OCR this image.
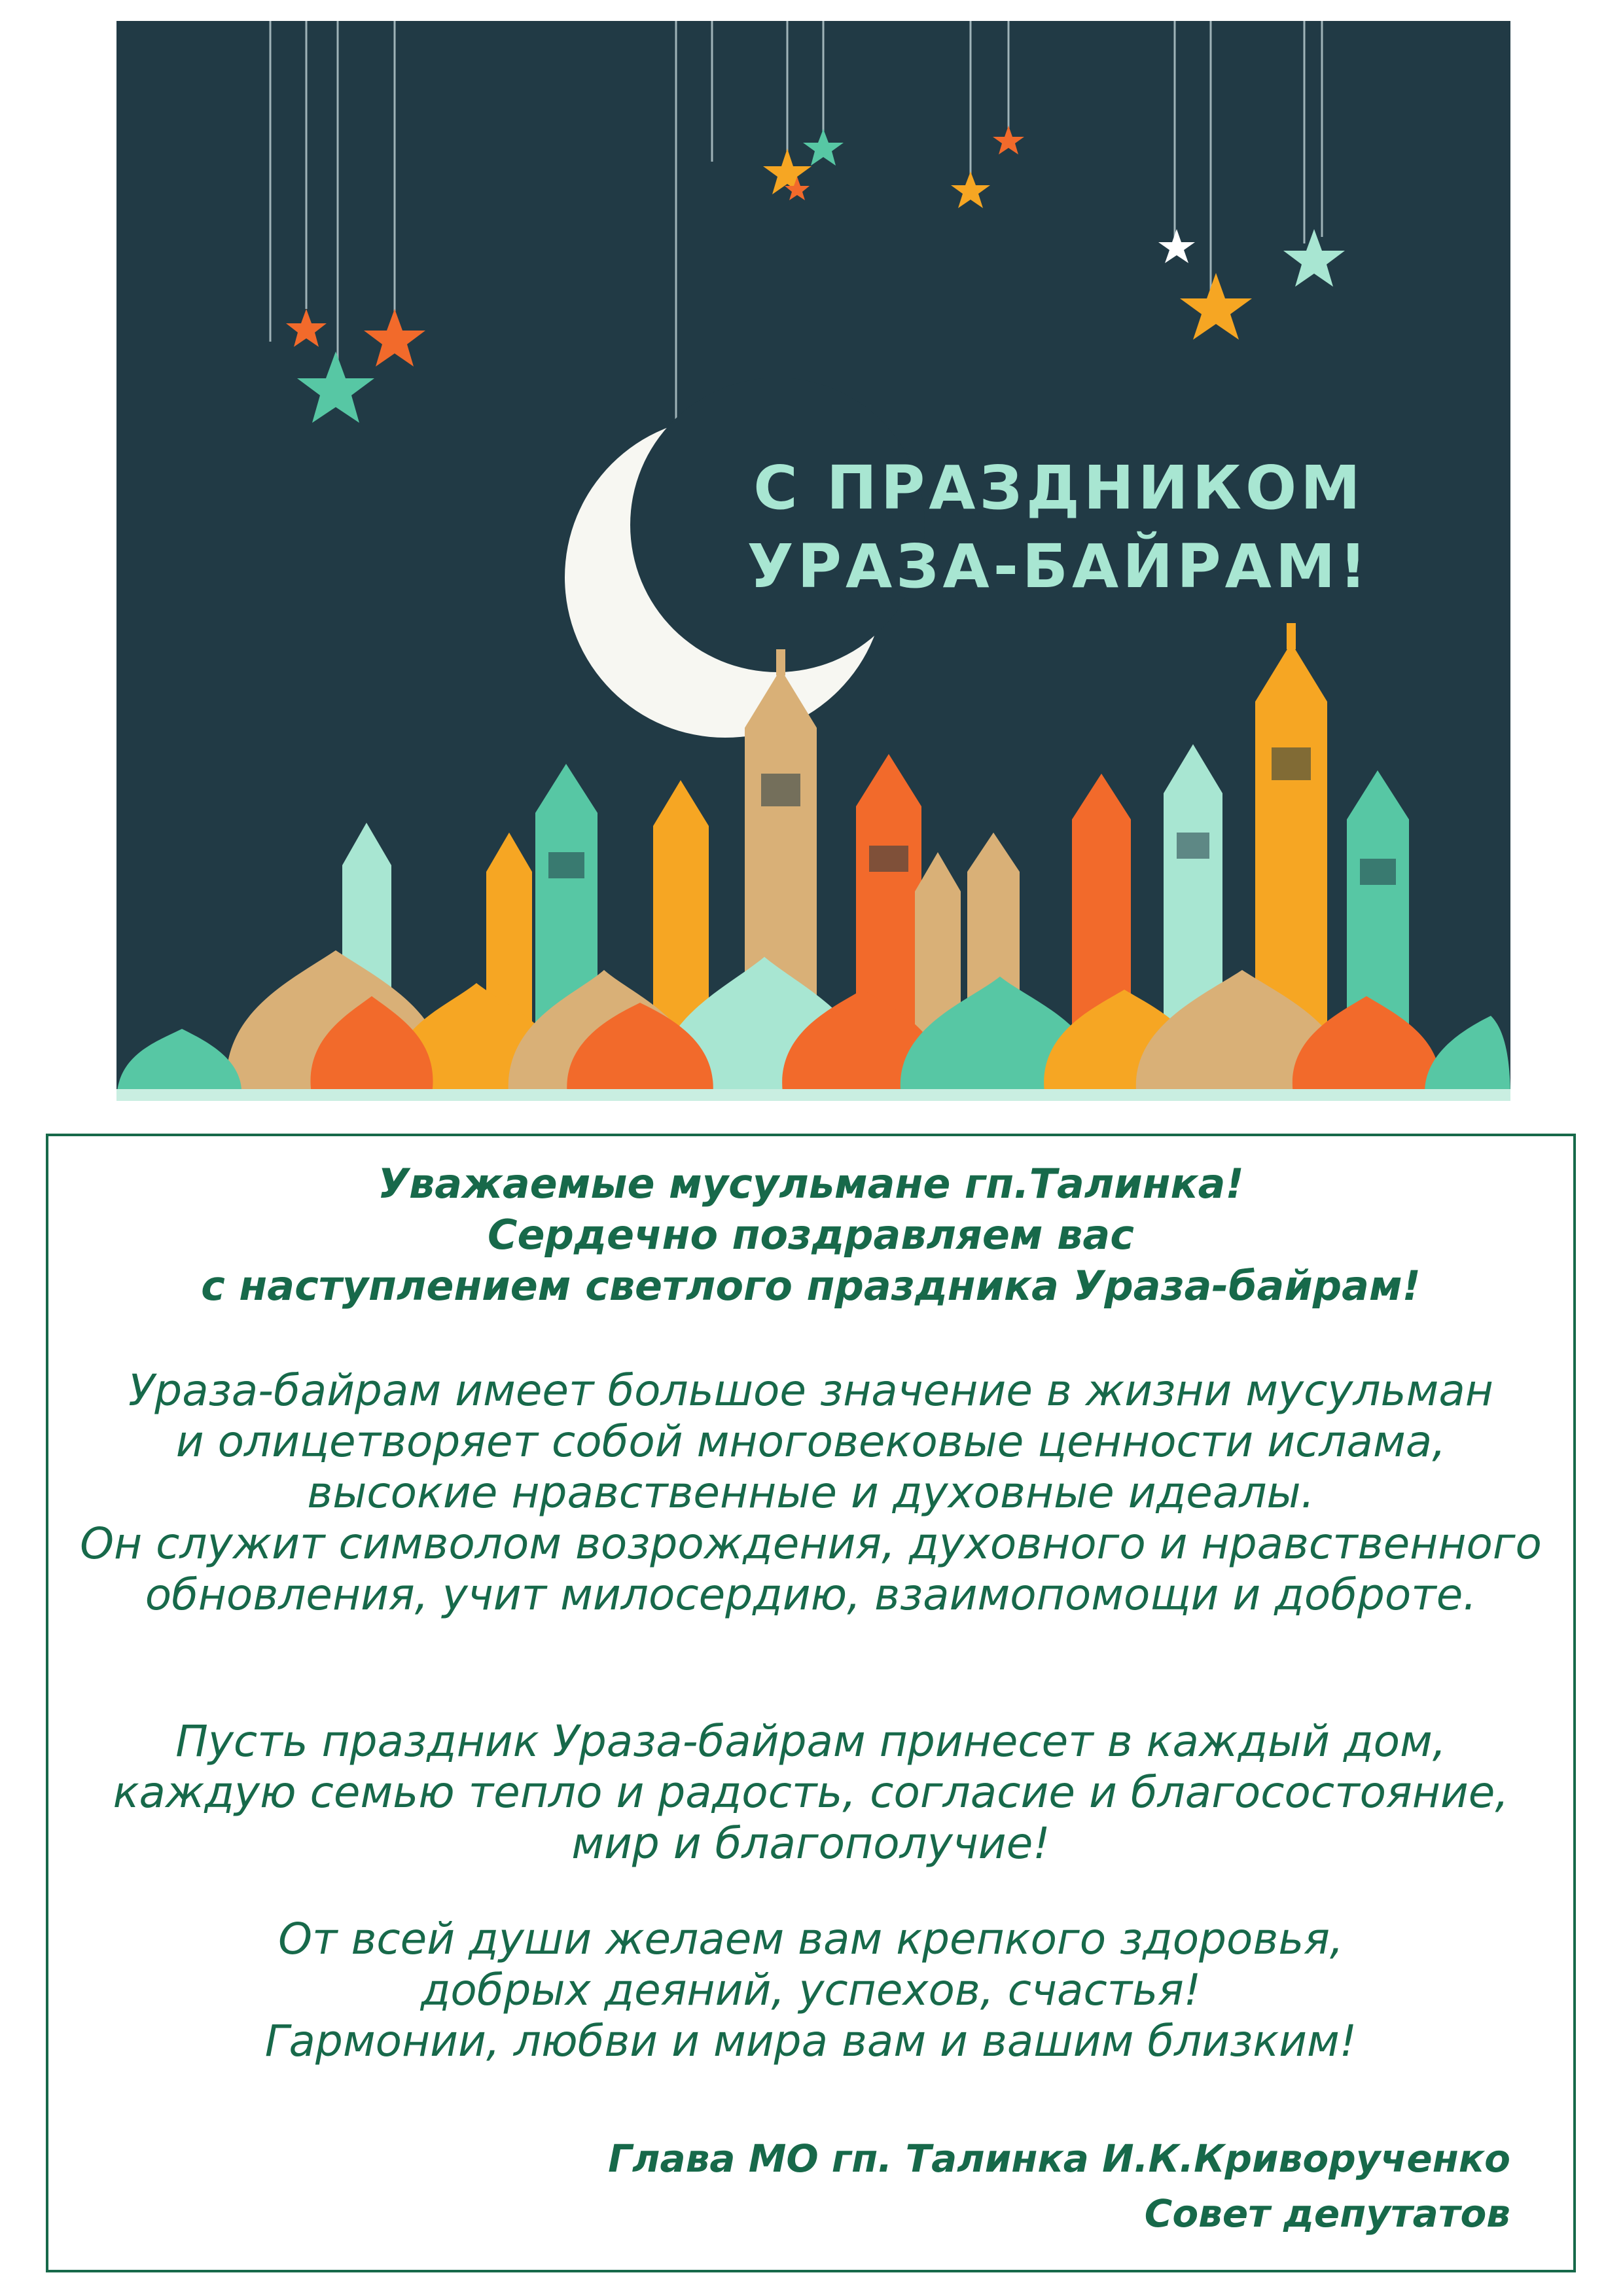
С ПРАЗДНИКОМ
УРАЗА-БАЙРАМ!
Уважаемые мусульмане гп.Талинка!
Сердечно поздравляем вас
с наступлением светлого праздника Ураза-байрам!
Ураза-байрам имеет большое значение в жизни мусульман
и олицетворяет собой многовековые ценности ислама,
высокие нравственные и духовные идеалы.
Он служит символом возрождения, духовного и нравственного
обновления, учит милосердию, взаимопомощи и доброте.
Пусть праздник Ураза-байрам принесет в каждый дом,
каждую семью тепло и радость, согласие и благосостояние,
мир и благополучие!
От всей души желаем вам крепкого здоровья,
добрых деяний, успехов, счастья!
Гармонии, любви и мира вам и вашим близким!
Глава МО гп. Талинка И.К.Криворученко
Совет депутатов
